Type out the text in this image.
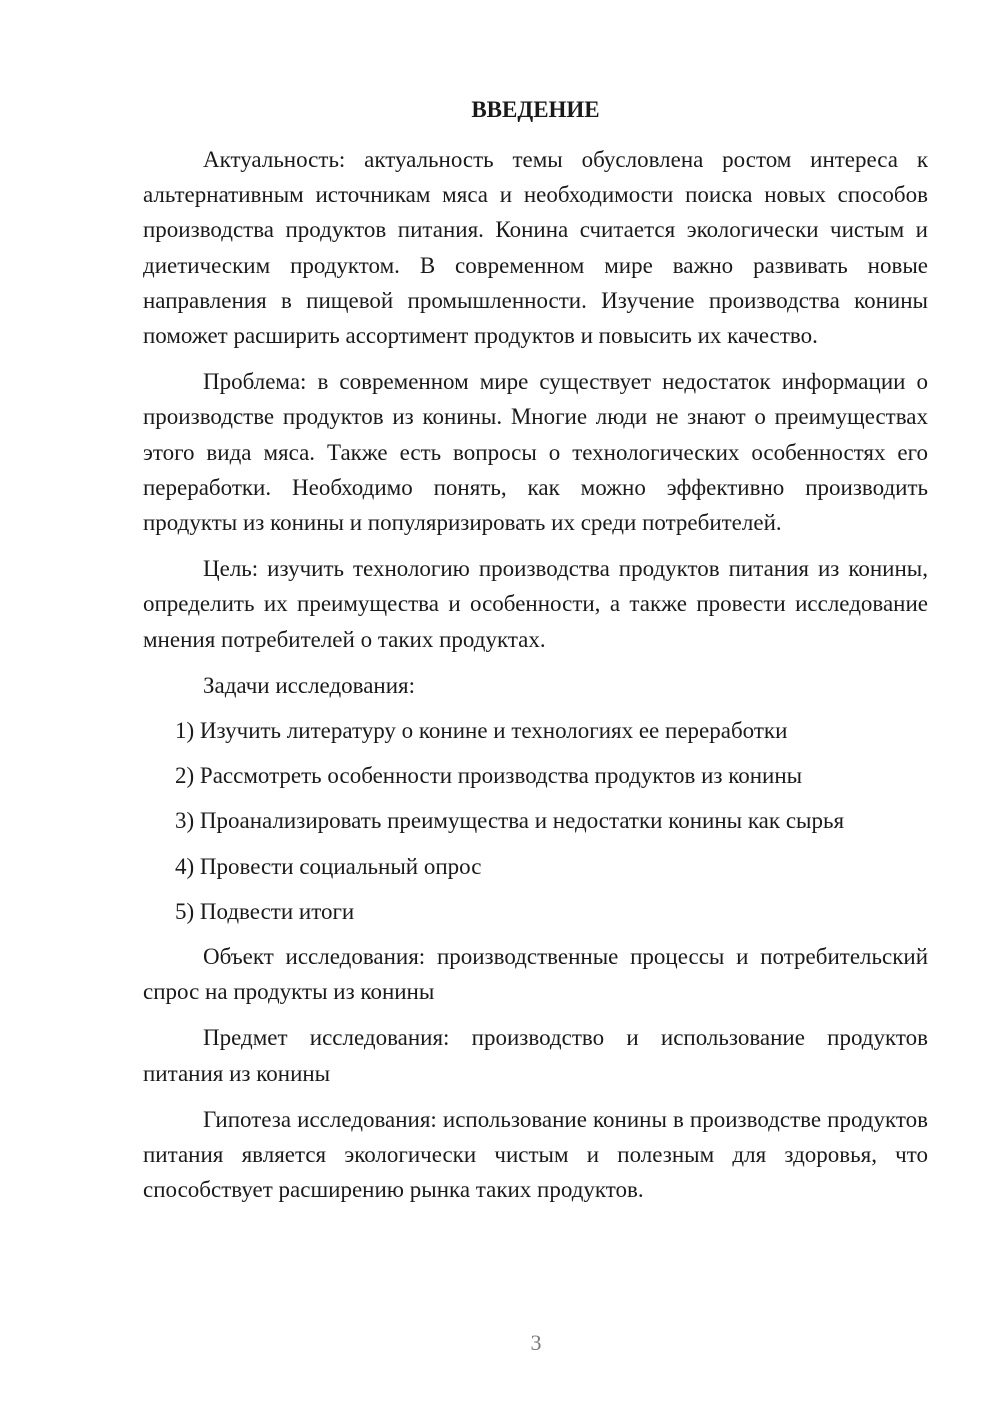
ВВЕДЕНИЕ

Актуальность: актуальность темы обусловлена ростом интереса к альтернативным источникам мяса и необходимости поиска новых способов производства продуктов питания. Конина считается экологически чистым и диетическим продуктом. В современном мире важно развивать новые направления в пищевой промышленности. Изучение производства конины поможет расширить ассортимент продуктов и повысить их качество.

Проблема: в современном мире существует недостаток информации о производстве продуктов из конины. Многие люди не знают о преимуществах этого вида мяса. Также есть вопросы о технологических особенностях его переработки. Необходимо понять, как можно эффективно производить продукты из конины и популяризировать их среди потребителей.

Цель: изучить технологию производства продуктов питания из конины, определить их преимущества и особенности, а также провести исследование мнения потребителей о таких продуктах.

Задачи исследования:
1) Изучить литературу о конине и технологиях ее переработки
2) Рассмотреть особенности производства продуктов из конины
3) Проанализировать преимущества и недостатки конины как сырья
4) Провести социальный опрос
5) Подвести итоги

Объект исследования: производственные процессы и потребительский спрос на продукты из конины

Предмет исследования: производство и использование продуктов питания из конины

Гипотеза исследования: использование конины в производстве продуктов питания является экологически чистым и полезным для здоровья, что способствует расширению рынка таких продуктов.

3
